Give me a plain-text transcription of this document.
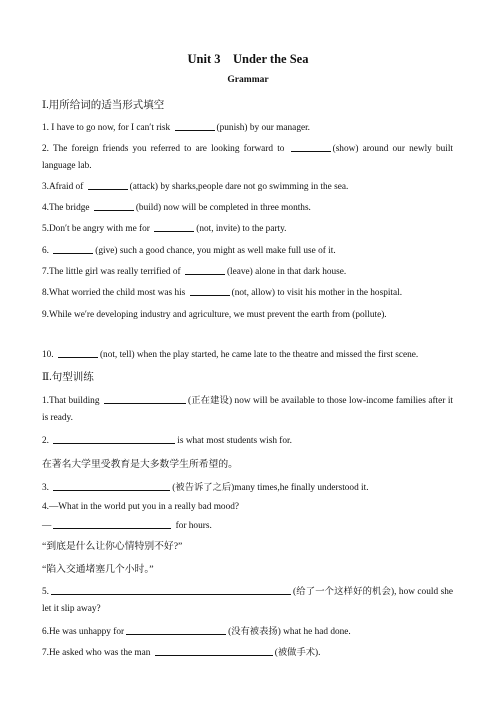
Unit 3　Under the Sea
Grammar
Ⅰ.用所给词的适当形式填空
1. I have to go now, for I can′t risk	(punish) by our manager.
2. The foreign friends you referred to are looking forward to	(show) around our newly built language lab.
3.Afraid of	(attack) by sharks,people dare not go swimming in the sea.
4.The bridge	(build) now will be completed in three months.
5.Don′t be angry with me for	(not, invite) to the party.
6.	(give) such a good chance, you might as well make full use of it.
7.The little girl was really terrified of	(leave) alone in that dark house.
8.What worried the child most was his	(not, allow) to visit his mother in the hospital.
9.While we′re developing industry and agriculture, we must prevent the earth from (pollute).
10.	(not, tell) when the play started, he came late to the theatre and missed the first scene.
Ⅱ.句型训练
1.That building	(正在建设) now will be available to those low-income families after it is ready.
2.	is what most students wish for.
在著名大学里受教育是大多数学生所希望的。
3.	(被告诉了之后)many times,he finally understood it.
4.—What in the world put you in a really bad mood?
—	for hours.
“到底是什么让你心情特别不好?”
“陷入交通堵塞几个小时。”
5.	(给了一个这样好的机会), how could she let it slip away?
6.He was unhappy for	(没有被表扬) what he had done.
7.He asked who was the man	(被做手术).
